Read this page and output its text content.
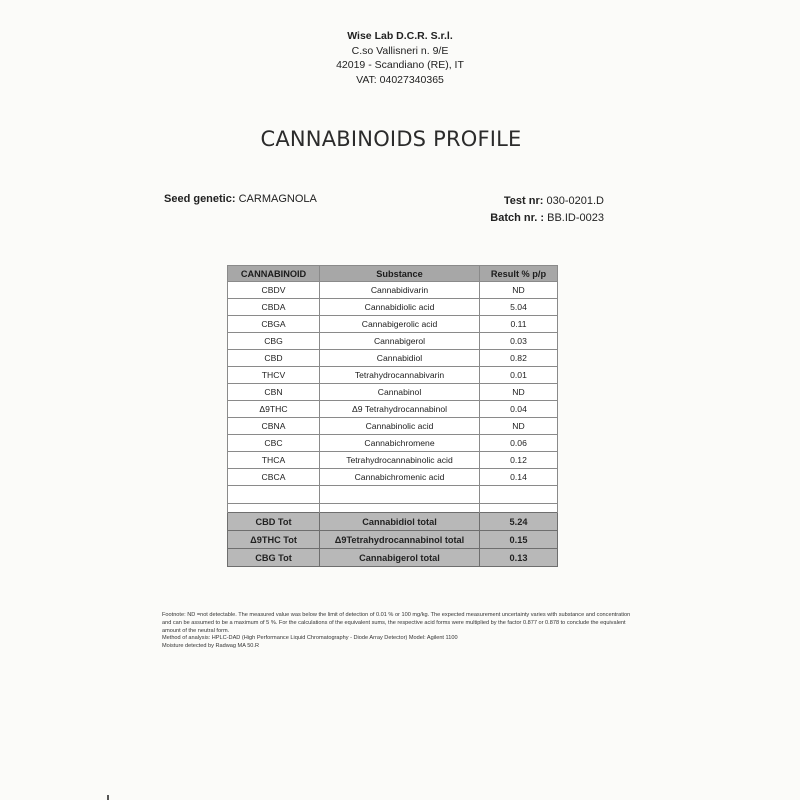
Wise Lab D.C.R. S.r.l.
C.so Vallisneri n. 9/E
42019 - Scandiano (RE), IT
VAT: 04027340365
CANNABINOIDS PROFILE
Seed genetic: CARMAGNOLA	Test nr: 030-0201.D
Batch nr. : BB.ID-0023
CANNABINOID	Substance	Result % p/p
CBDV	Cannabidivarin	ND
CBDA	Cannabidiolic acid	5.04
CBGA	Cannabigerolic acid	0.11
CBG	Cannabigerol	0.03
CBD	Cannabidiol	0.82
THCV	Tetrahydrocannabivarin	0.01
CBN	Cannabinol	ND
Δ9THC	Δ9 Tetrahydrocannabinol	0.04
CBNA	Cannabinolic acid	ND
CBC	Cannabichromene	0.06
THCA	Tetrahydrocannabinolic acid	0.12
CBCA	Cannabichromenic acid	0.14

CBD Tot	Cannabidiol total	5.24
Δ9THC Tot	Δ9Tetrahydrocannabinol total	0.15
CBG Tot	Cannabigerol total	0.13

Footnote: ND =not detectable. The measured value was below the limit of detection of 0.01 % or 100 mg/kg. The expected measurement uncertainty varies with substance and concentration and can be assumed to be a maximum of 5 %. For the calculations of the equivalent sums, the respective acid forms were multiplied by the factor 0.877 or 0.878 to conclude the equivalent amount of the neutral form.

Method of analysis: HPLC-DAD (High Performance Liquid Chromatography - Diode Array Detector) Model: Agilent 1100

Moisture detected by Radwag MA 50.R
